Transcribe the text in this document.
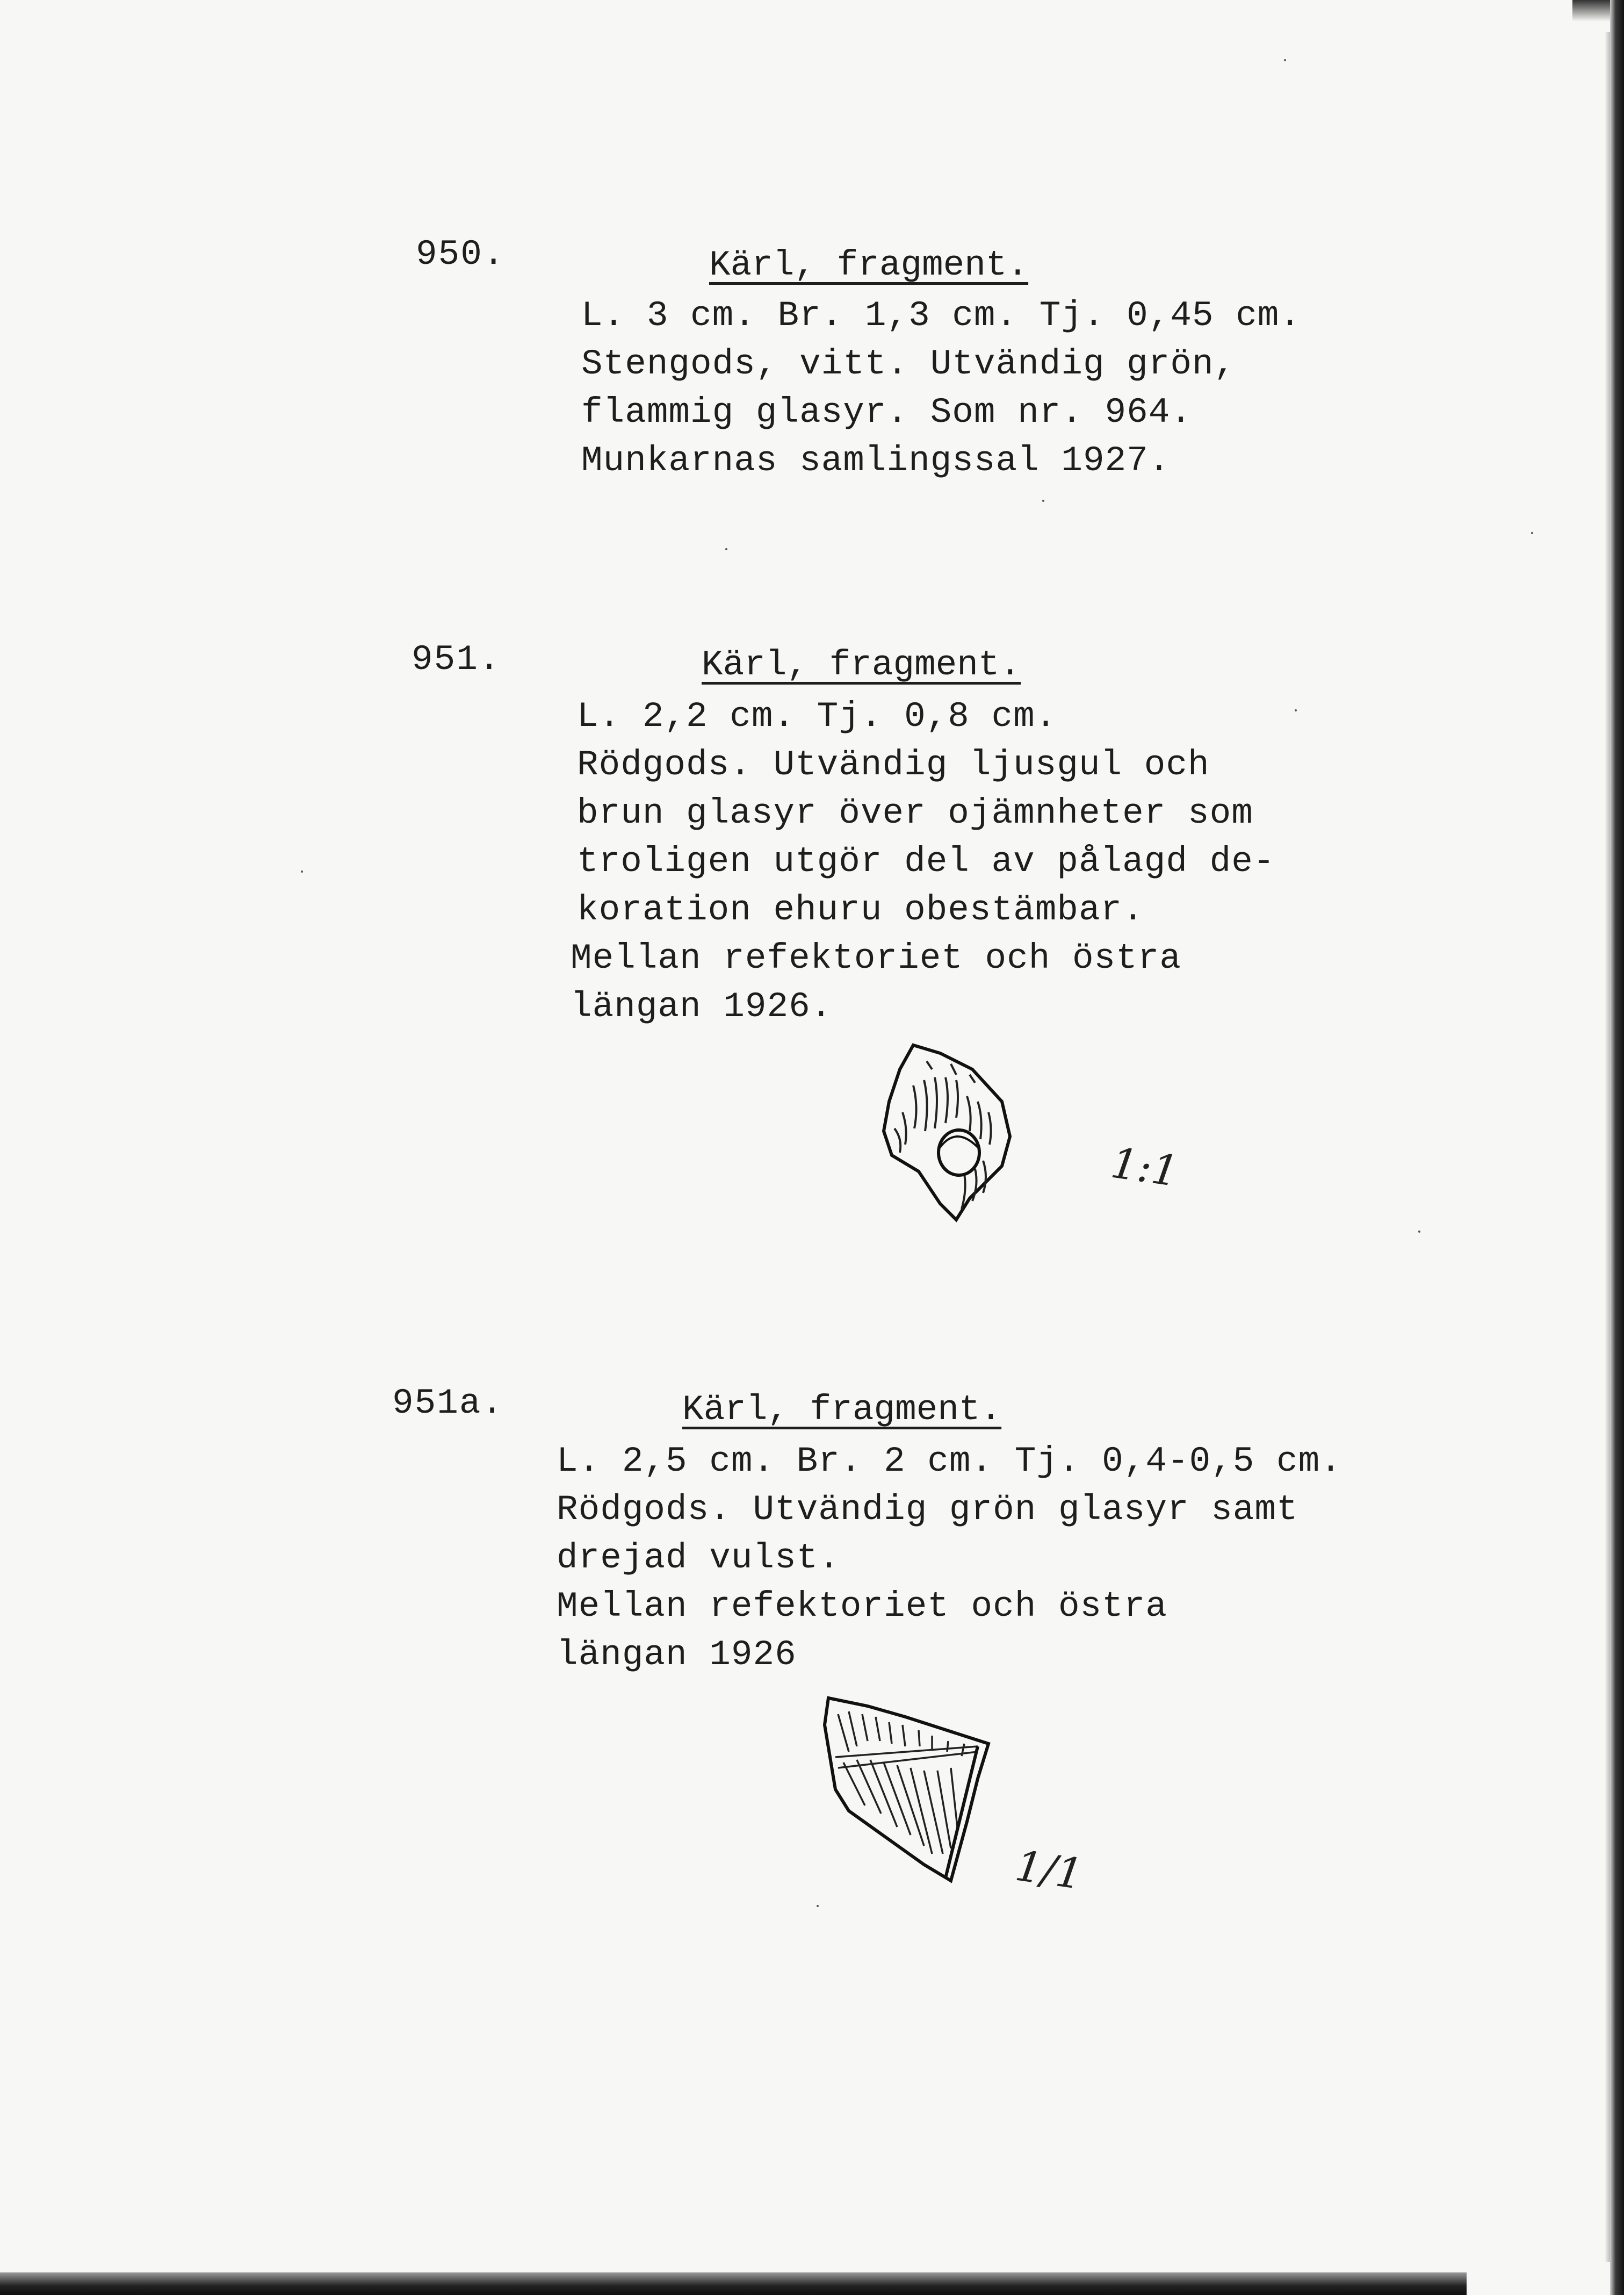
950.	Kärl, fragment.
L. 3 cm. Br. 1,3 cm. Tj. 0,45 cm.
Stengods, vitt. Utvändig grön,
flammig glasyr. Som nr. 964.
Munkarnas samlingssal 1927.
951.	Kärl, fragment.
L. 2,2 cm. Tj. 0,8 cm.
Rödgods. Utvändig ljusgul och
brun glasyr över ojämnheter som
troligen utgör del av pålagd de-
koration ehuru obestämbar.
Mellan refektoriet och östra
längan 1926.
1:1
951a.	Kärl, fragment.
L. 2,5 cm. Br. 2 cm. Tj. 0,4-0,5 cm.
Rödgods. Utvändig grön glasyr samt
drejad vulst.
Mellan refektoriet och östra
längan 1926
1/1
